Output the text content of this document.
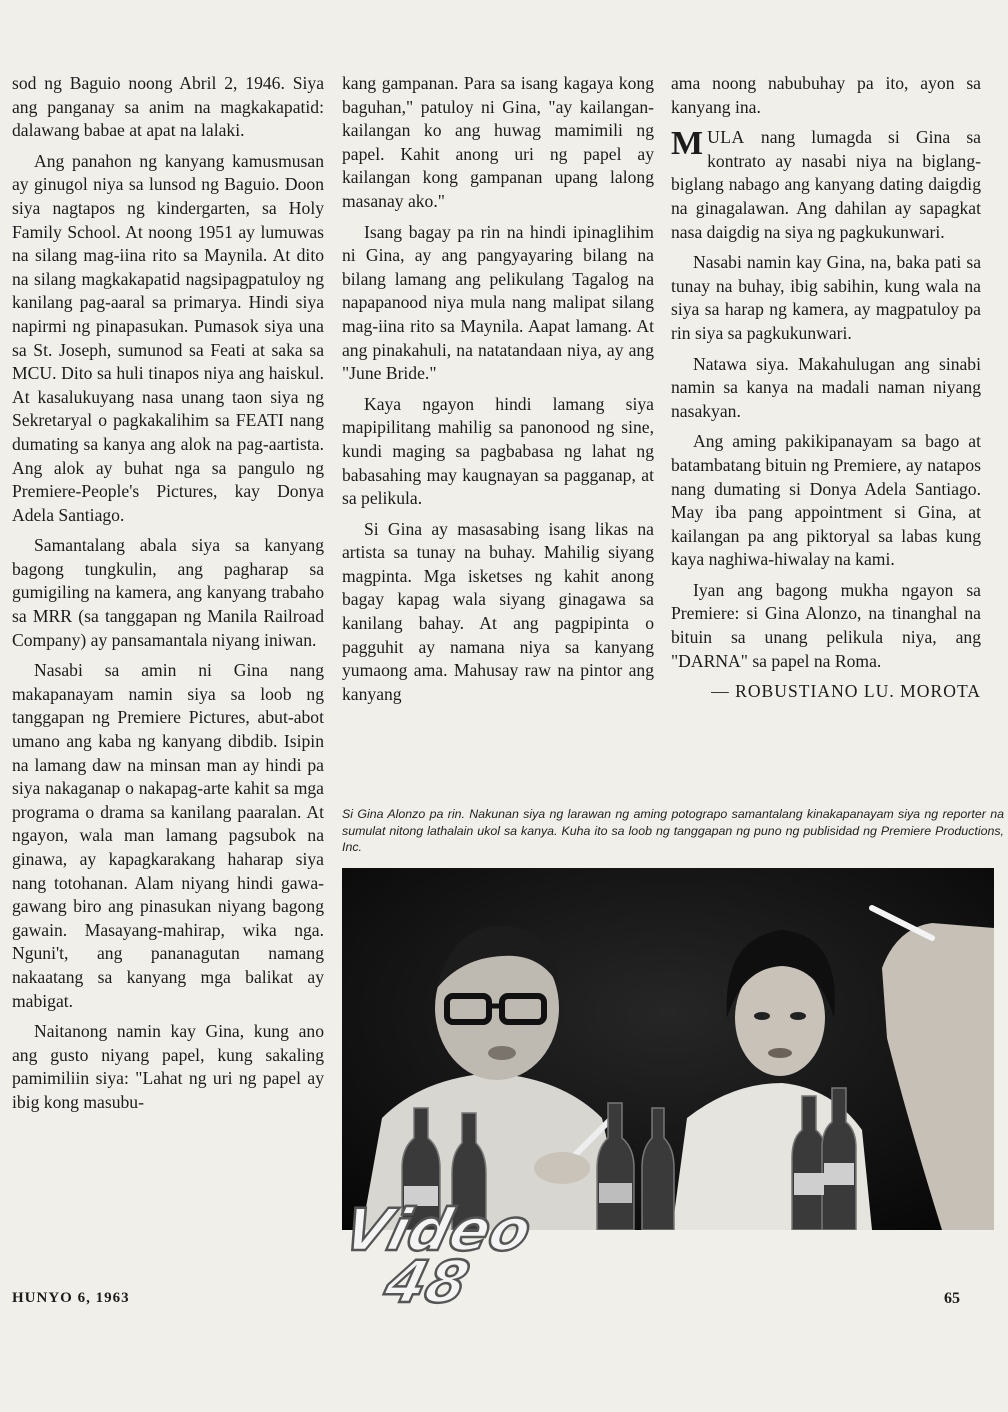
sod ng Baguio noong Abril 2, 1946. Siya ang panganay sa anim na magkakapatid: dalawang babae at apat na lalaki.

Ang panahon ng kanyang kamusmusan ay ginugol niya sa lunsod ng Baguio. Doon siya nagtapos ng kindergarten, sa Holy Family School. At noong 1951 ay lumuwas na silang mag-iina rito sa Maynila. At dito na silang magkakapatid nagsipagpatuloy ng kanilang pag-aaral sa primarya. Hindi siya napirmi ng pinapasukan. Pumasok siya una sa St. Joseph, sumunod sa Feati at saka sa MCU. Dito sa huli tinapos niya ang haiskul. At kasalukuyang nasa unang taon siya ng Sekretaryal o pagkakalihim sa FEATI nang dumating sa kanya ang alok na pag-aartista. Ang alok ay buhat nga sa pangulo ng Premiere-People's Pictures, kay Donya Adela Santiago.

Samantalang abala siya sa kanyang bagong tungkulin, ang pagharap sa gumigiling na kamera, ang kanyang trabaho sa MRR (sa tanggapan ng Manila Railroad Company) ay pansamantala niyang iniwan.

Nasabi sa amin ni Gina nang makapanayam namin siya sa loob ng tanggapan ng Premiere Pictures, abut-abot umano ang kaba ng kanyang dibdib. Isipin na lamang daw na minsan man ay hindi pa siya nakaganap o nakapag-arte kahit sa mga programa o drama sa kanilang paaralan. At ngayon, wala man lamang pagsubok na ginawa, ay kapagkarakang haharap siya nang totohanan. Alam niyang hindi gawa-gawang biro ang pinasukan niyang bagong gawain. Masayang-mahirap, wika nga. Nguni't, ang pananagutan namang nakaatang sa kanyang mga balikat ay mabigat.

Naitanong namin kay Gina, kung ano ang gusto niyang papel, kung sakaling pamimiliin siya: "Lahat ng uri ng papel ay ibig kong masubu-

kang gampanan. Para sa isang kagaya kong baguhan," patuloy ni Gina, "ay kailangan-kailangan ko ang huwag mamimili ng papel. Kahit anong uri ng papel ay kailangan kong gampanan upang lalong masanay ako."

Isang bagay pa rin na hindi ipinaglihim ni Gina, ay ang pangyayaring bilang na bilang lamang ang pelikulang Tagalog na napapanood niya mula nang malipat silang mag-iina rito sa Maynila. Aapat lamang. At ang pinakahuli, na natatandaan niya, ay ang "June Bride."

Kaya ngayon hindi lamang siya mapipilitang mahilig sa panonood ng sine, kundi maging sa pagbabasa ng lahat ng babasahing may kaugnayan sa pagganap, at sa pelikula.

Si Gina ay masasabing isang likas na artista sa tunay na buhay. Mahilig siyang magpinta. Mga isketses ng kahit anong bagay kapag wala siyang ginagawa sa kanilang bahay. At ang pagpipinta o pagguhit ay namana niya sa kanyang yumaong ama. Mahusay raw na pintor ang kanyang

ama noong nabubuhay pa ito, ayon sa kanyang ina.

MULA nang lumagda si Gina sa kontrato ay nasabi niya na biglang-biglang nabago ang kanyang dating daigdig na ginagalawan. Ang dahilan ay sapagkat nasa daigdig na siya ng pagkukunwari.

Nasabi namin kay Gina, na, baka pati sa tunay na buhay, ibig sabihin, kung wala na siya sa harap ng kamera, ay magpatuloy pa rin siya sa pagkukunwari.

Natawa siya. Makahulugan ang sinabi namin sa kanya na madali naman niyang nasakyan.

Ang aming pakikipanayam sa bago at batambatang bituin ng Premiere, ay natapos nang dumating si Donya Adela Santiago. May iba pang appointment si Gina, at kailangan pa ang piktoryal sa labas kung kaya naghiwa-hiwalay na kami.

Iyan ang bagong mukha ngayon sa Premiere: si Gina Alonzo, na tinanghal na bituin sa unang pelikula niya, ang "DARNA" sa papel na Roma.

— ROBUSTIANO LU. MOROTA

Si Gina Alonzo pa rin. Nakunan siya ng larawan ng aming potograpo samantalang kinakapanayam siya ng reporter na sumulat nitong lathalain ukol sa kanya. Kuha ito sa loob ng tanggapan ng puno ng publisidad ng Premiere Productions, Inc.
Video
48
HUNYO 6, 1963	65
